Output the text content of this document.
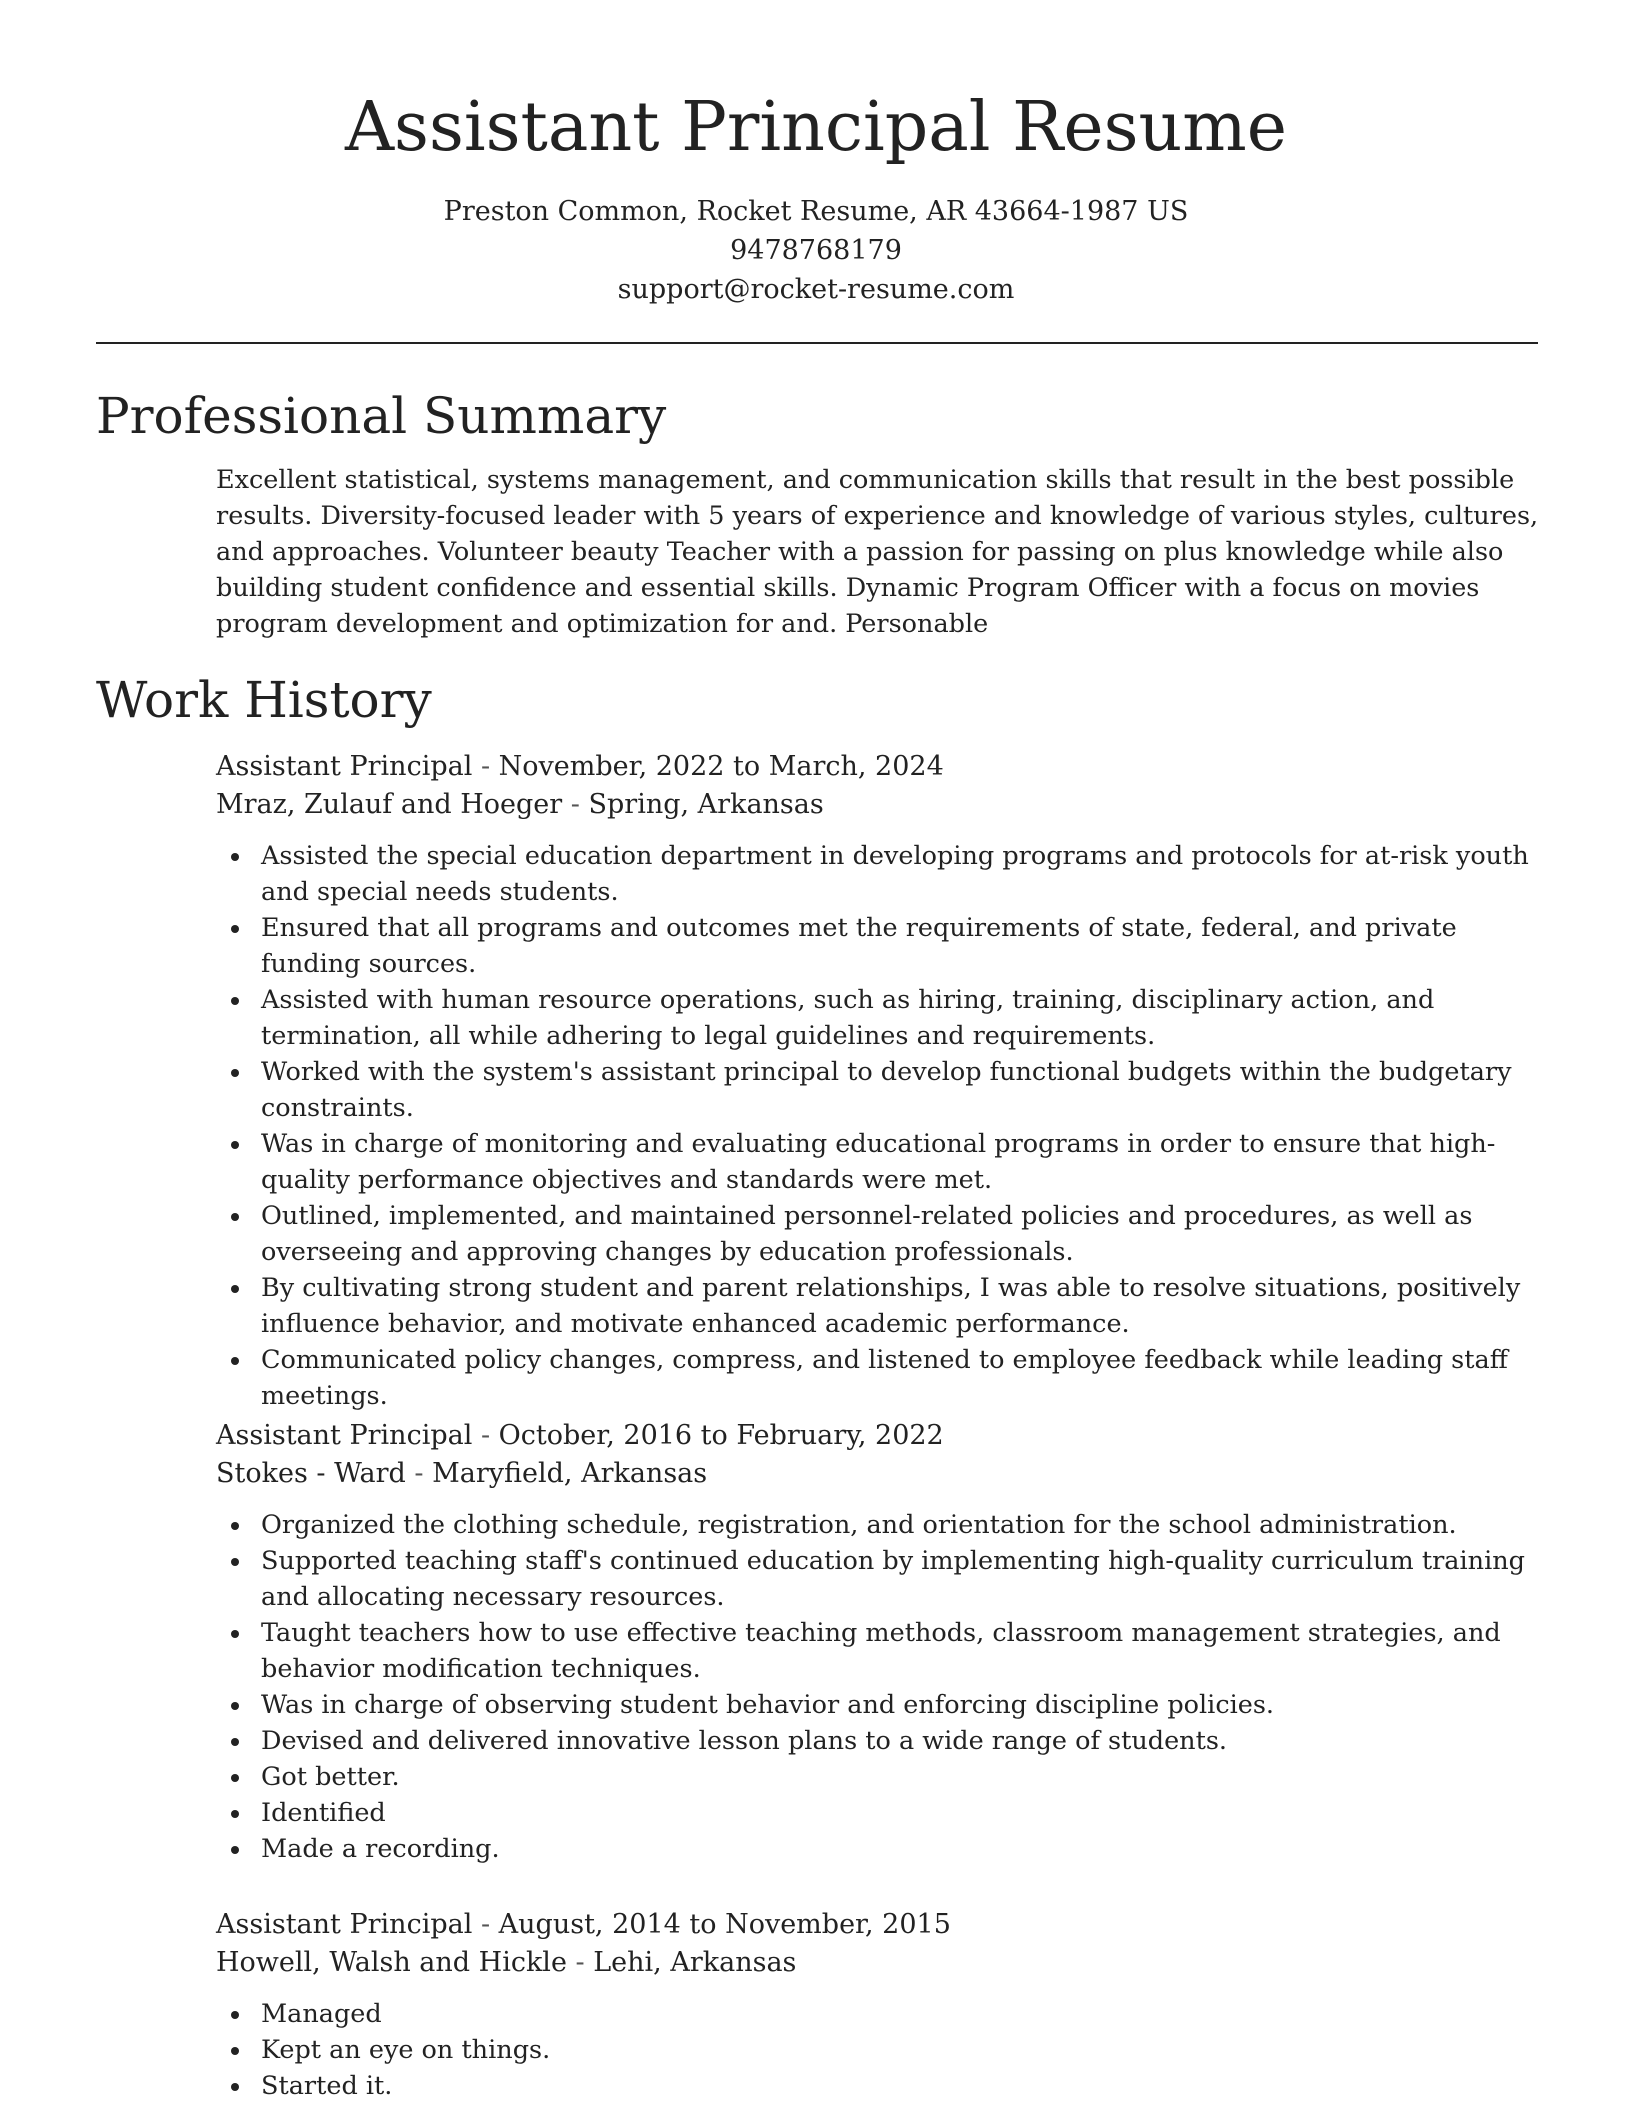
Assistant Principal Resume
Preston Common, Rocket Resume, AR 43664-1987 US
9478768179
support@rocket-resume.com
Professional Summary

Excellent statistical, systems management, and communication skills that result in the best possible results. Diversity-focused leader with 5 years of experience and knowledge of various styles, cultures, and approaches. Volunteer beauty Teacher with a passion for passing on plus knowledge while also building student confidence and essential skills. Dynamic Program Officer with a focus on movies program development and optimization for and. Personable

Work History
Assistant Principal - November, 2022 to March, 2024
Mraz, Zulauf and Hoeger - Spring, Arkansas
Assisted the special education department in developing programs and protocols for at-risk youth and special needs students.
Ensured that all programs and outcomes met the requirements of state, federal, and private funding sources.
Assisted with human resource operations, such as hiring, training, disciplinary action, and termination, all while adhering to legal guidelines and requirements.
Worked with the system's assistant principal to develop functional budgets within the budgetary constraints.
Was in charge of monitoring and evaluating educational programs in order to ensure that high-quality performance objectives and standards were met.
Outlined, implemented, and maintained personnel-related policies and procedures, as well as overseeing and approving changes by education professionals.
By cultivating strong student and parent relationships, I was able to resolve situations, positively influence behavior, and motivate enhanced academic performance.
Communicated policy changes, compress, and listened to employee feedback while leading staff meetings.
Assistant Principal - October, 2016 to February, 2022
Stokes - Ward - Maryfield, Arkansas
Organized the clothing schedule, registration, and orientation for the school administration.
Supported teaching staff's continued education by implementing high-quality curriculum training and allocating necessary resources.
Taught teachers how to use effective teaching methods, classroom management strategies, and behavior modification techniques.
Was in charge of observing student behavior and enforcing discipline policies.
Devised and delivered innovative lesson plans to a wide range of students.
Got better.
Identified
Made a recording.
Assistant Principal - August, 2014 to November, 2015
Howell, Walsh and Hickle - Lehi, Arkansas
Managed
Kept an eye on things.
Started it.
